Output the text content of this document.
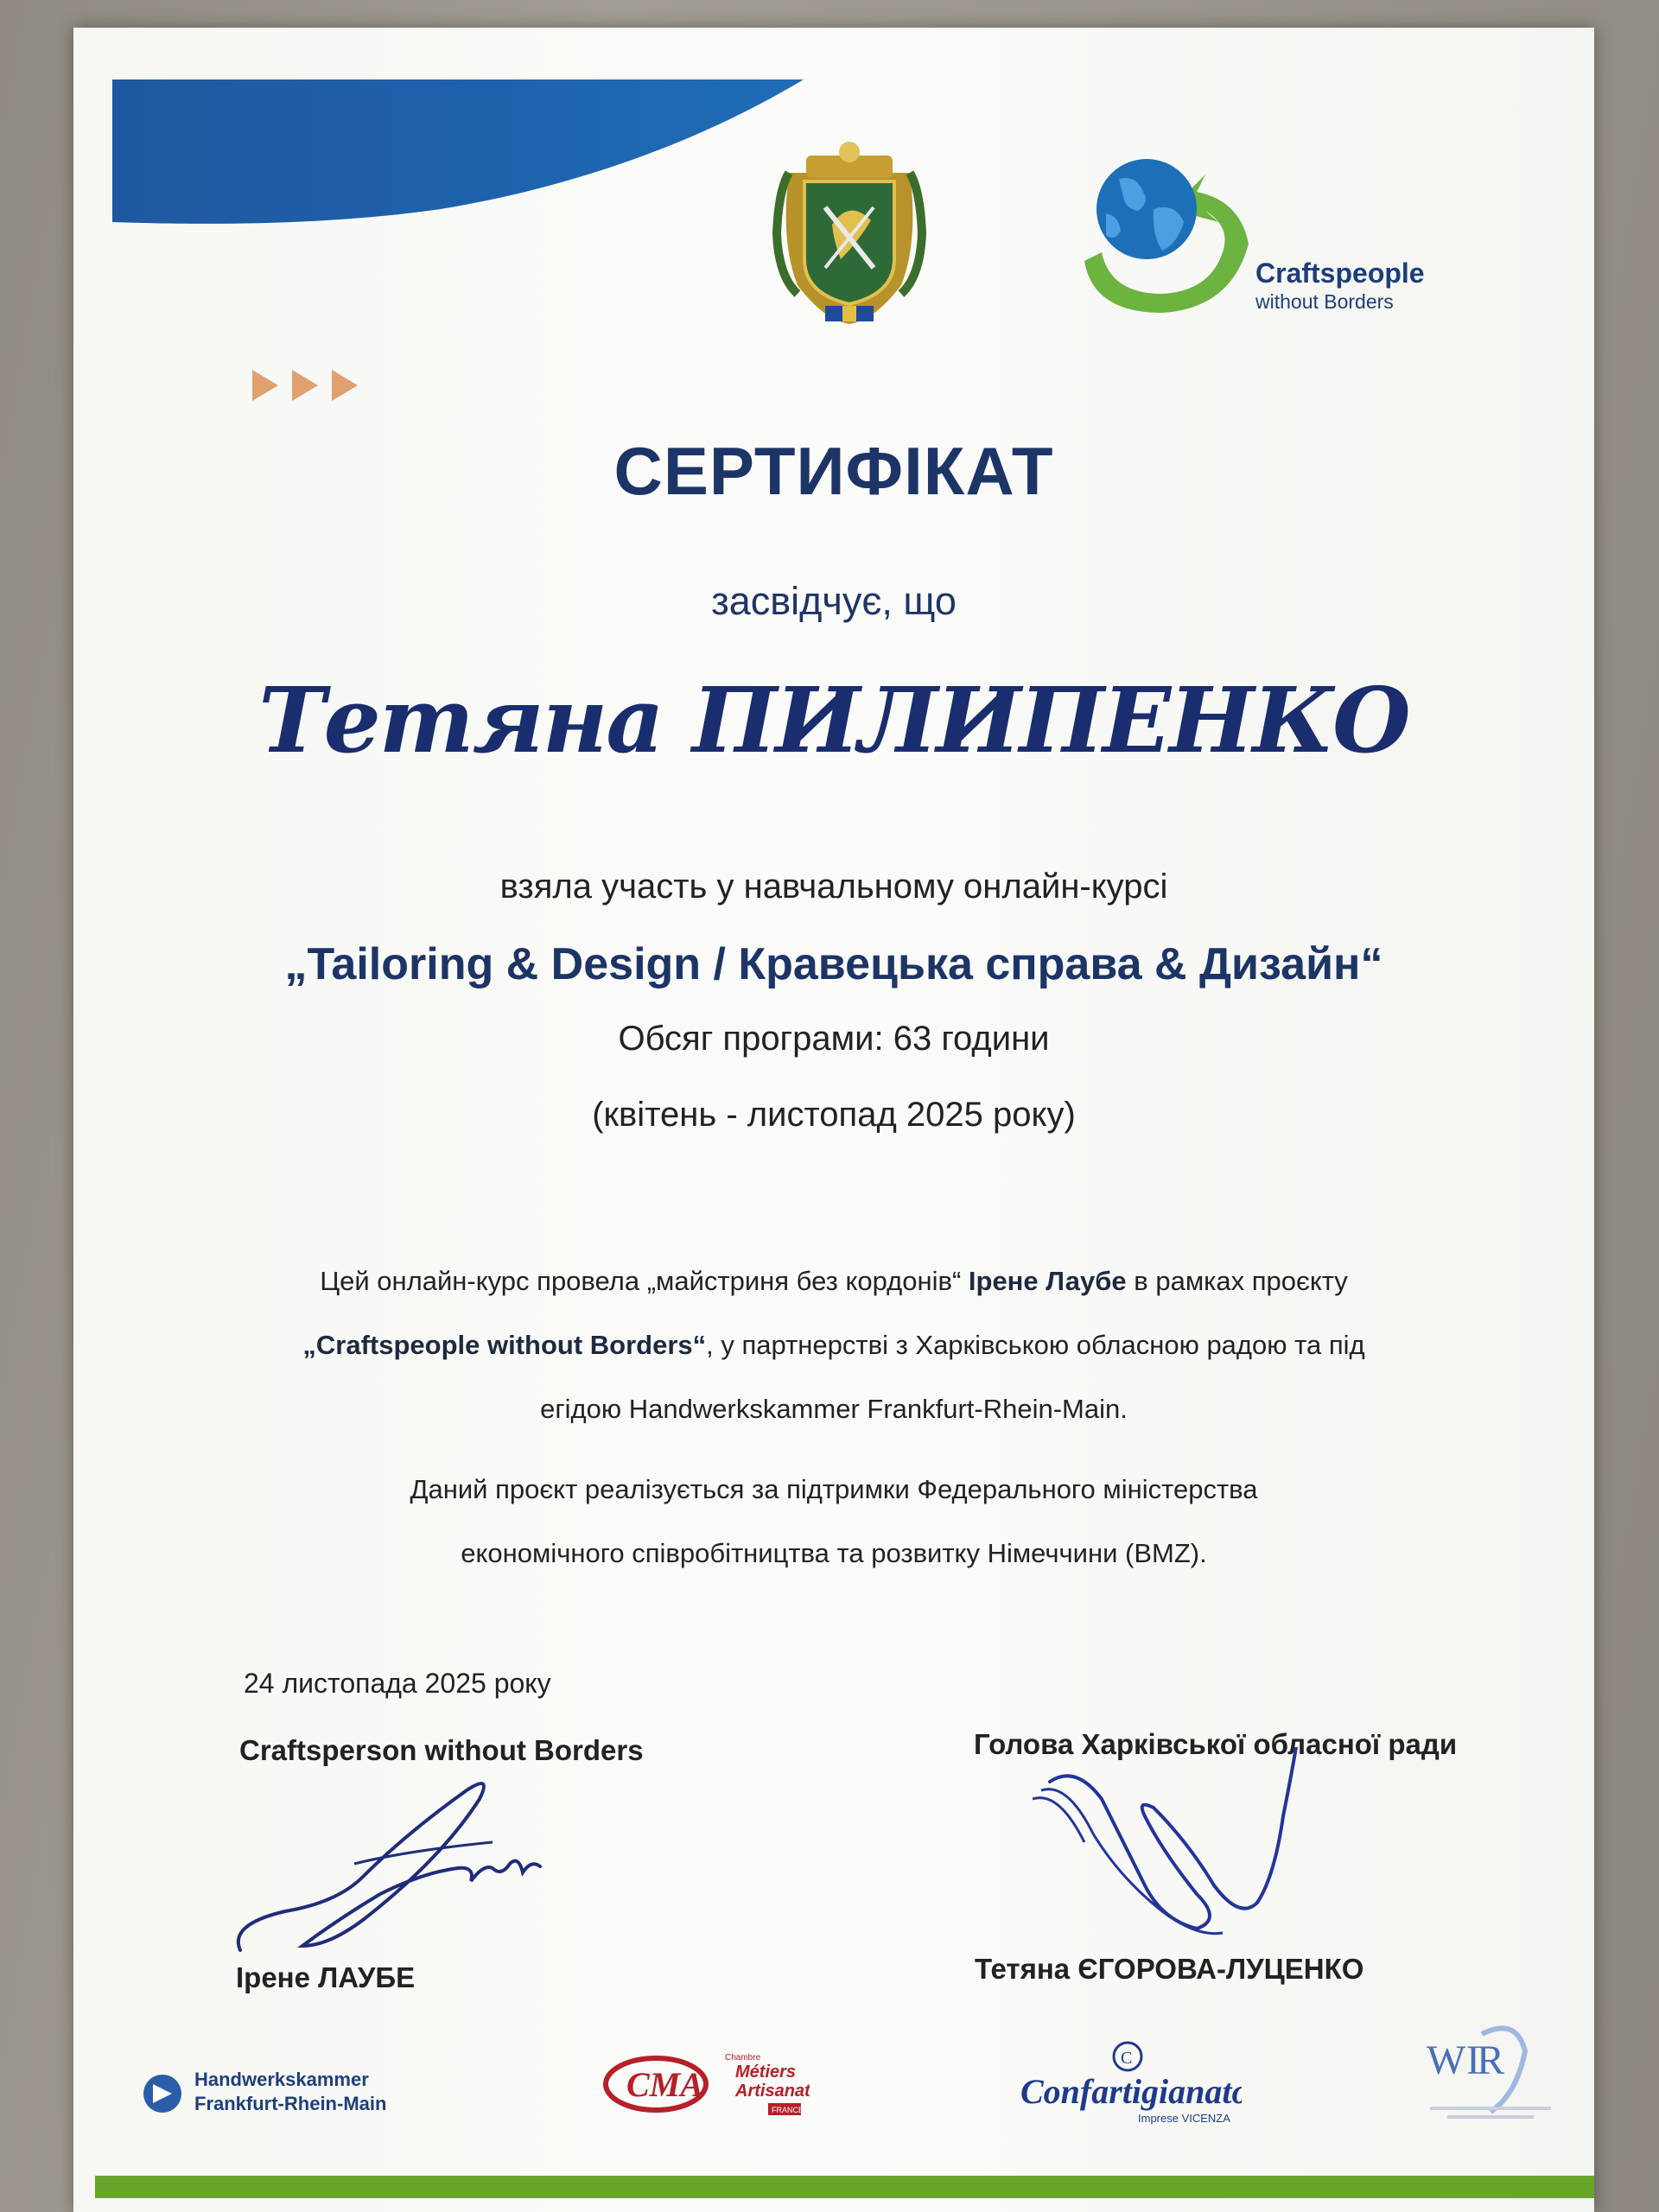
Craftspeople
without Borders
СЕРТИФІКАТ
засвідчує, що
Тетяна ПИЛИПЕНКО
взяла участь у навчальному онлайн-курсі
„Tailoring & Design / Кравецька справа & Дизайн“
Обсяг програми: 63 години
(квітень - листопад 2025 року)
Цей онлайн-курс провела „майстриня без кордонів“ Ірене Лаубе в рамках проєкту
„Craftspeople without Borders“, у партнерстві з Харківською обласною радою та під
егідою Handwerkskammer Frankfurt-Rhein-Main.
Даний проєкт реалізується за підтримки Федерального міністерства
економічного співробітництва та розвитку Німеччини (BMZ).
24 листопада 2025 року
Craftsperson without Borders	Голова Харківської обласної ради
Ірене ЛАУБЕ	Тетяна ЄГОРОВА-ЛУЦЕНКО
Handwerkskammer
Frankfurt-Rhein-Main	CMA
Chambre
Métiers
Artisanat
FRANCE
C
Confartigianato
Imprese VICENZA
W I
R
